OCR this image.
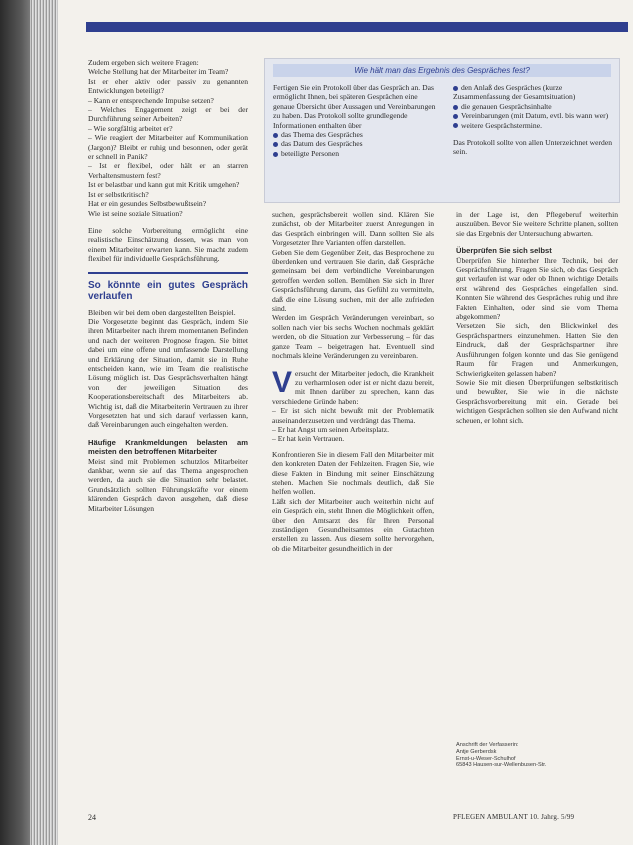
Zudem ergeben sich weitere Fragen:

Welche Stellung hat der Mitarbeiter im Team?

Ist er eher aktiv oder passiv zu genannten Entwicklungen beteiligt?

– Kann er entsprechende Impulse setzen?

– Welches Engagement zeigt er bei der Durchführung seiner Arbeiten?

– Wie sorgfältig arbeitet er?

– Wie reagiert der Mitarbeiter auf Kommunikation (Jargon)? Bleibt er ruhig und besonnen, oder gerät er schnell in Panik?

– Ist er flexibel, oder hält er an starren Verhaltensmustern fest?

Ist er belastbar und kann gut mit Kritik umgehen?

Ist er selbstkritisch?

Hat er ein gesundes Selbstbewußtsein?

Wie ist seine soziale Situation?

Eine solche Vorbereitung ermöglicht eine realistische Einschätzung dessen, was man von einem Mitarbeiter erwarten kann. Sie macht zudem flexibel für individuelle Gesprächsführung.

So könnte ein gutes Gespräch verlaufen

Bleiben wir bei dem oben dargestellten Beispiel.

Die Vorgesetzte beginnt das Gespräch, indem Sie ihren Mitarbeiter nach ihrem momentanen Befinden und nach der weiteren Prognose fragen. Sie bittet dabei um eine offene und umfassende Darstellung und Erklärung der Situation, damit sie in Ruhe entscheiden kann, wie im Team die realistische Lösung möglich ist. Das Gesprächsverhalten hängt von der jeweiligen Situation des Kooperationsbereitschaft des Mitarbeiters ab. Wichtig ist, daß die Mitarbeiterin Vertrauen zu ihrer Vorgesetzten hat und sich darauf verlassen kann, daß Vereinbarungen auch eingehalten werden.

Häufige Krankmeldungen belasten am meisten den betroffenen Mitarbeiter

Meist sind mit Problemen schutzlos Mitarbeiter dankbar, wenn sie auf das Thema angesprochen werden, da auch sie die Situation sehr belastet. Grundsätzlich sollten Führungskräfte vor einem klärenden Gespräch davon ausgehen, daß diese Mitarbeiter Lösungen

Wie hält man das Ergebnis des Gespräches fest?

Fertigen Sie ein Protokoll über das Gespräch an. Das ermöglicht Ihnen, bei späteren Gesprächen eine genaue Übersicht über Aussagen und Vereinbarungen zu haben. Das Protokoll sollte grundlegende Informationen enthalten über

das Thema des Gespräches

das Datum des Gespräches

beteiligte Personen

den Anlaß des Gespräches (kurze Zusammenfassung der Gesamtsituation)

die genauen Gesprächsinhalte

Vereinbarungen (mit Datum, evtl. bis wann wer)

weitere Gesprächstermine.

Das Protokoll sollte von allen Unterzeichnet werden sein.

suchen, gesprächsbereit wollen sind. Klären Sie zunächst, ob der Mitarbeiter zuerst Anregungen in das Gespräch einbringen will. Dann sollten Sie als Vorgesetzter Ihre Varianten offen darstellen.

Geben Sie dem Gegenüber Zeit, das Besprochene zu überdenken und vertrauen Sie darin, daß Gespräche gemeinsam bei dem verbindliche Vereinbarungen getroffen werden sollen. Bemühen Sie sich in Ihrer Gesprächsführung darum, das Gefühl zu vermitteln, daß die eine Lösung suchen, mit der alle zufrieden sind.

Werden im Gespräch Veränderungen vereinbart, so sollen nach vier bis sechs Wochen nochmals geklärt werden, ob die Situation zur Verbesserung – für das ganze Team – beigetragen hat. Eventuell sind nochmals kleine Veränderungen zu vereinbaren.

Versucht der Mitarbeiter jedoch, die Krankheit zu verharmlosen oder ist er nicht dazu bereit, mit Ihnen darüber zu sprechen, kann das verschiedene Gründe haben:

– Er ist sich nicht bewußt mit der Problematik auseinanderzusetzen und verdrängt das Thema.

– Er hat Angst um seinen Arbeitsplatz.

– Er hat kein Vertrauen.

Konfrontieren Sie in diesem Fall den Mitarbeiter mit den konkreten Daten der Fehlzeiten. Fragen Sie, wie diese Fakten in Bindung mit seiner Einschätzung stehen. Machen Sie nochmals deutlich, daß Sie helfen wollen.

Läßt sich der Mitarbeiter auch weiterhin nicht auf ein Gespräch ein, steht Ihnen die Möglichkeit offen, über den Amtsarzt des für Ihren Personal zuständigen Gesundheitsamtes ein Gutachten erstellen zu lassen. Aus diesem sollte hervorgehen, ob die Mitarbeiter gesundheitlich in der

in der Lage ist, den Pflegeberuf weiterhin auszuüben. Bevor Sie weitere Schritte planen, sollten sie das Ergebnis der Untersuchung abwarten.

Überprüfen Sie sich selbst

Überprüfen Sie hinterher Ihre Technik, bei der Gesprächsführung. Fragen Sie sich, ob das Gespräch gut verlaufen ist war oder ob Ihnen wichtige Details erst während des Gespräches eingefallen sind. Konnten Sie während des Gespräches ruhig und ihre Fakten Einhalten, oder sind sie vom Thema abgekommen?

Versetzen Sie sich, den Blickwinkel des Gesprächspartners einzunehmen. Hatten Sie den Eindruck, daß der Gesprächspartner ihre Ausführungen folgen konnte und das Sie genügend Raum für Fragen und Anmerkungen, Schwierigkeiten gelassen haben?

Sowie Sie mit diesen Überprüfungen selbstkritisch und bewußter, Sie wie in die nächste Gesprächsvorbereitung mit ein. Gerade bei wichtigen Gesprächen sollten sie den Aufwand nicht scheuen, er lohnt sich.

Anschrift der Verfasserin:
Antje Gerberdsk
Ernst-u-Weser-Schulhof
65843 Hausen-sur-Wellenbusen-Str.
24	PFLEGEN AMBULANT 10. Jahrg. 5/99
